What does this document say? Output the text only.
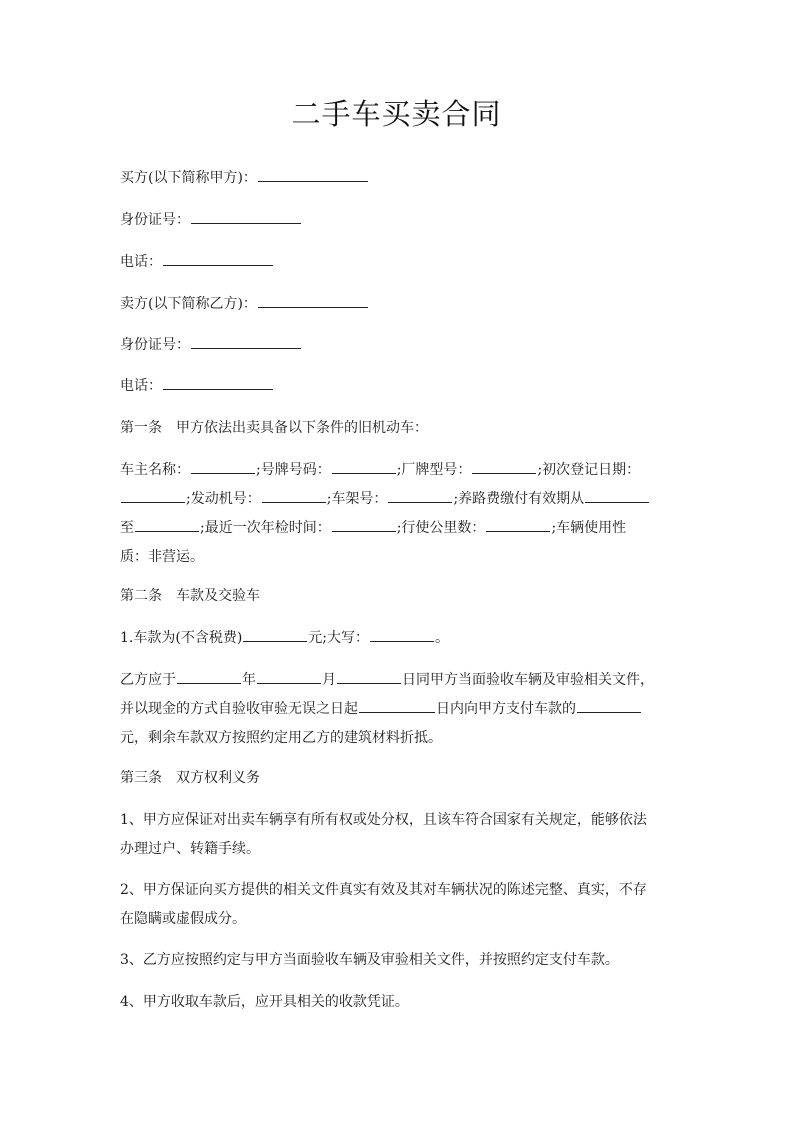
二手车买卖合同
买方(以下简称甲方)：
身份证号：
电话：
卖方(以下简称乙方)：
身份证号：
电话：
第一条　甲方依法出卖具备以下条件的旧机动车：
车主名称：	;号牌号码：	;厂牌型号：	;初次登记日期：
;发动机号：	;车架号：	;养路费缴付有效期从
至	;最近一次年检时间：	;行使公里数：	;车辆使用性
质：非营运。
第二条　车款及交验车
1.车款为(不含税费)	元;大写：	。
乙方应于	年	月	日同甲方当面验收车辆及审验相关文件，
并以现金的方式自验收审验无误之日起	日内向甲方支付车款的
元，剩余车款双方按照约定用乙方的建筑材料折抵。
第三条　双方权利义务
1、甲方应保证对出卖车辆享有所有权或处分权，且该车符合国家有关规定，能够依法
办理过户、转籍手续。
2、甲方保证向买方提供的相关文件真实有效及其对车辆状况的陈述完整、真实，不存
在隐瞒或虚假成分。
3、乙方应按照约定与甲方当面验收车辆及审验相关文件，并按照约定支付车款。
4、甲方收取车款后，应开具相关的收款凭证。
